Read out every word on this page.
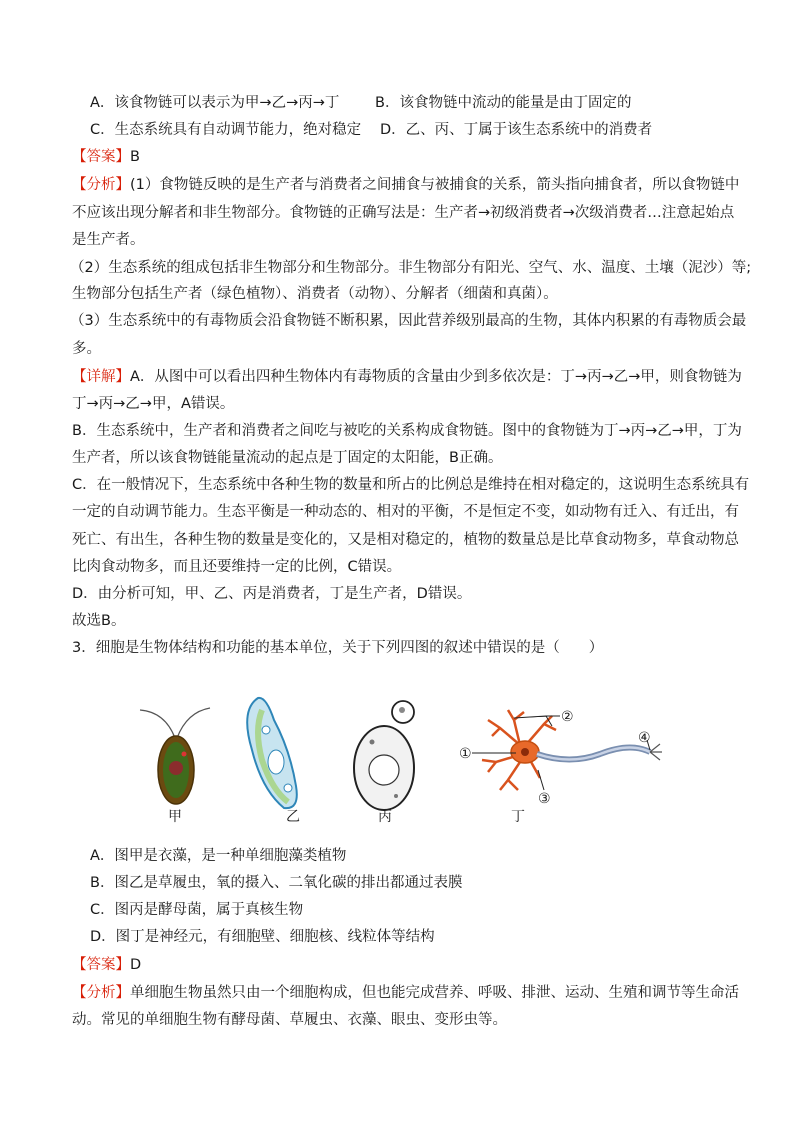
A．该食物链可以表示为甲→乙→丙→丁 B．该食物链中流动的能量是由丁固定的
C．生态系统具有自动调节能力，绝对稳定 D．乙、丙、丁属于该生态系统中的消费者
【答案】B
【分析】(1）食物链反映的是生产者与消费者之间捕食与被捕食的关系，箭头指向捕食者，所以食物链中
不应该出现分解者和非生物部分。食物链的正确写法是：生产者→初级消费者→次级消费者…注意起始点
是生产者。
（2）生态系统的组成包括非生物部分和生物部分。非生物部分有阳光、空气、水、温度、土壤（泥沙）等;
生物部分包括生产者（绿色植物）、消费者（动物）、分解者（细菌和真菌）。
（3）生态系统中的有毒物质会沿食物链不断积累，因此营养级别最高的生物，其体内积累的有毒物质会最
多。
【详解】A．从图中可以看出四种生物体内有毒物质的含量由少到多依次是：丁→丙→乙→甲，则食物链为
丁→丙→乙→甲，A错误。
B．生态系统中，生产者和消费者之间吃与被吃的关系构成食物链。图中的食物链为丁→丙→乙→甲，丁为
生产者，所以该食物链能量流动的起点是丁固定的太阳能，B正确。
C．在一般情况下，生态系统中各种生物的数量和所占的比例总是维持在相对稳定的，这说明生态系统具有
一定的自动调节能力。生态平衡是一种动态的、相对的平衡，不是恒定不变，如动物有迁入、有迁出，有
死亡、有出生，各种生物的数量是变化的，又是相对稳定的，植物的数量总是比草食动物多，草食动物总
比肉食动物多，而且还要维持一定的比例，C错误。
D．由分析可知，甲、乙、丙是消费者，丁是生产者，D错误。
故选B。
3．细胞是生物体结构和功能的基本单位，关于下列四图的叙述中错误的是（　　）
①
②
③
④
甲	乙	丙	丁
A．图甲是衣藻，是一种单细胞藻类植物
B．图乙是草履虫，氧的摄入、二氧化碳的排出都通过表膜
C．图丙是酵母菌，属于真核生物
D．图丁是神经元，有细胞壁、细胞核、线粒体等结构
【答案】D
【分析】单细胞生物虽然只由一个细胞构成，但也能完成营养、呼吸、排泄、运动、生殖和调节等生命活
动。常见的单细胞生物有酵母菌、草履虫、衣藻、眼虫、变形虫等。
